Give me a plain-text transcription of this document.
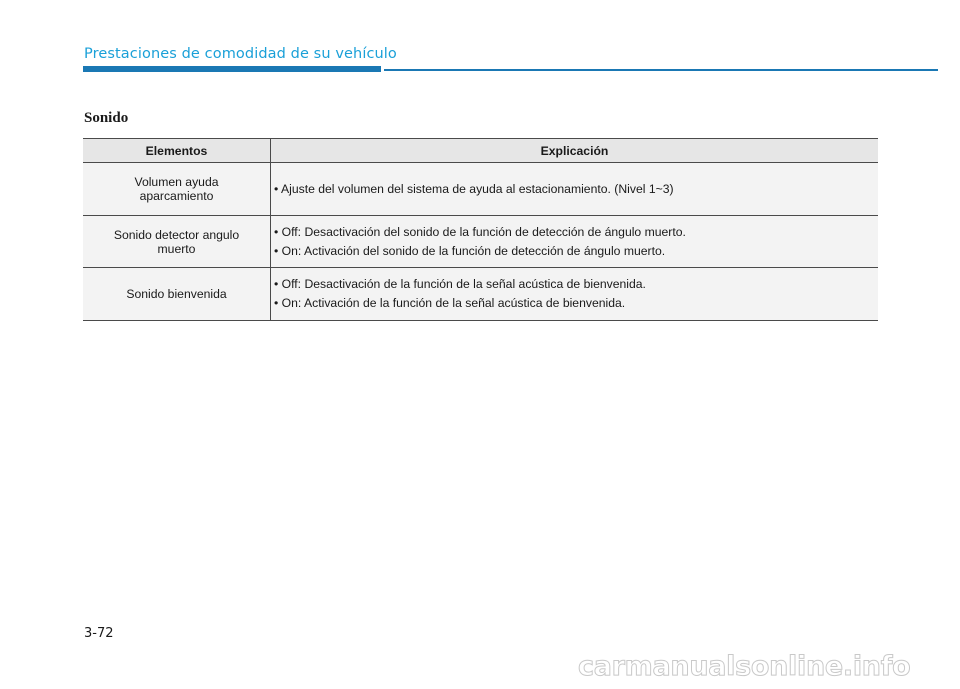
Prestaciones de comodidad de su vehículo
Sonido
Elementos	Explicación
Volumen ayuda aparcamiento	• Ajuste del volumen del sistema de ayuda al estacionamiento. (Nivel 1~3)

Sonido detector angulo muerto	• Off: Desactivación del sonido de la función de detección de ángulo muerto.
• On: Activación del sonido de la función de detección de ángulo muerto.

Sonido bienvenida	• Off: Desactivación de la función de la señal acústica de bienvenida.
• On: Activación de la función de la señal acústica de bienvenida.
3-72
carmanualsonline.info
